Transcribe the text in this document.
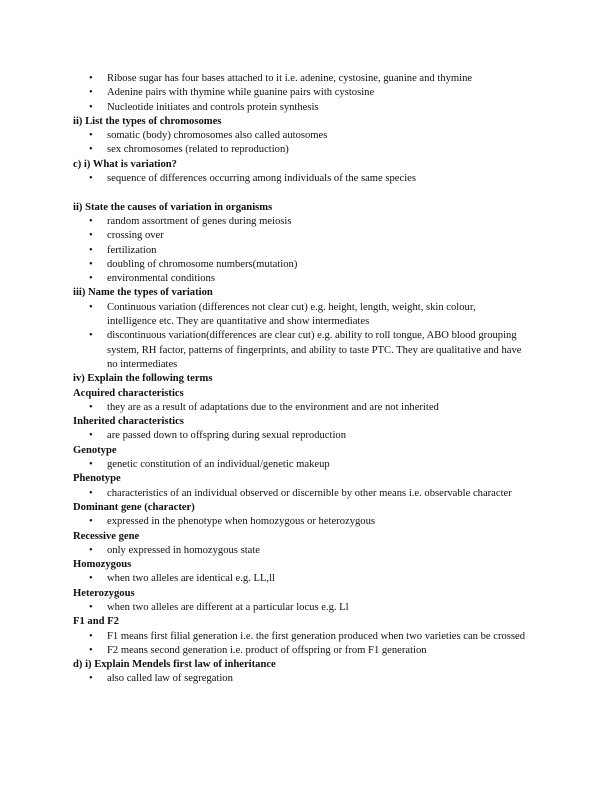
• Ribose sugar has four bases attached to it i.e. adenine, cystosine, guanine and thymine
• Adenine pairs with thymine while guanine pairs with cystosine
• Nucleotide initiates and controls protein synthesis
ii) List the types of chromosomes
• somatic (body) chromosomes also called autosomes
• sex chromosomes (related to reproduction)
c) i) What is variation?
• sequence of differences occurring among individuals of the same species
ii) State the causes of variation in organisms
• random assortment of genes during meiosis
• crossing over
• fertilization
• doubling of chromosome numbers(mutation)
• environmental conditions
iii) Name the types of variation
• Continuous variation (differences not clear cut) e.g. height, length, weight, skin colour, intelligence etc. They are quantitative and show intermediates
• discontinuous variation(differences are clear cut) e.g. ability to roll tongue, ABO blood grouping system, RH factor, patterns of fingerprints, and ability to taste PTC. They are qualitative and have no intermediates
iv) Explain the following terms
Acquired characteristics
• they are as a result of adaptations due to the environment and are not inherited
Inherited characteristics
• are passed down to offspring during sexual reproduction
Genotype
• genetic constitution of an individual/genetic makeup
Phenotype
• characteristics of an individual observed or discernible by other means i.e. observable character
Dominant gene (character)
• expressed in the phenotype when homozygous or heterozygous
Recessive gene
• only expressed in homozygous state
Homozygous
• when two alleles are identical e.g. LL,ll
Heterozygous
• when two alleles are different at a particular locus e.g. Ll
F1 and F2
• F1 means first filial generation i.e. the first generation produced when two varieties can be crossed
• F2 means second generation i.e. product of offspring or from F1 generation
d) i) Explain Mendels first law of inheritance
• also called law of segregation
